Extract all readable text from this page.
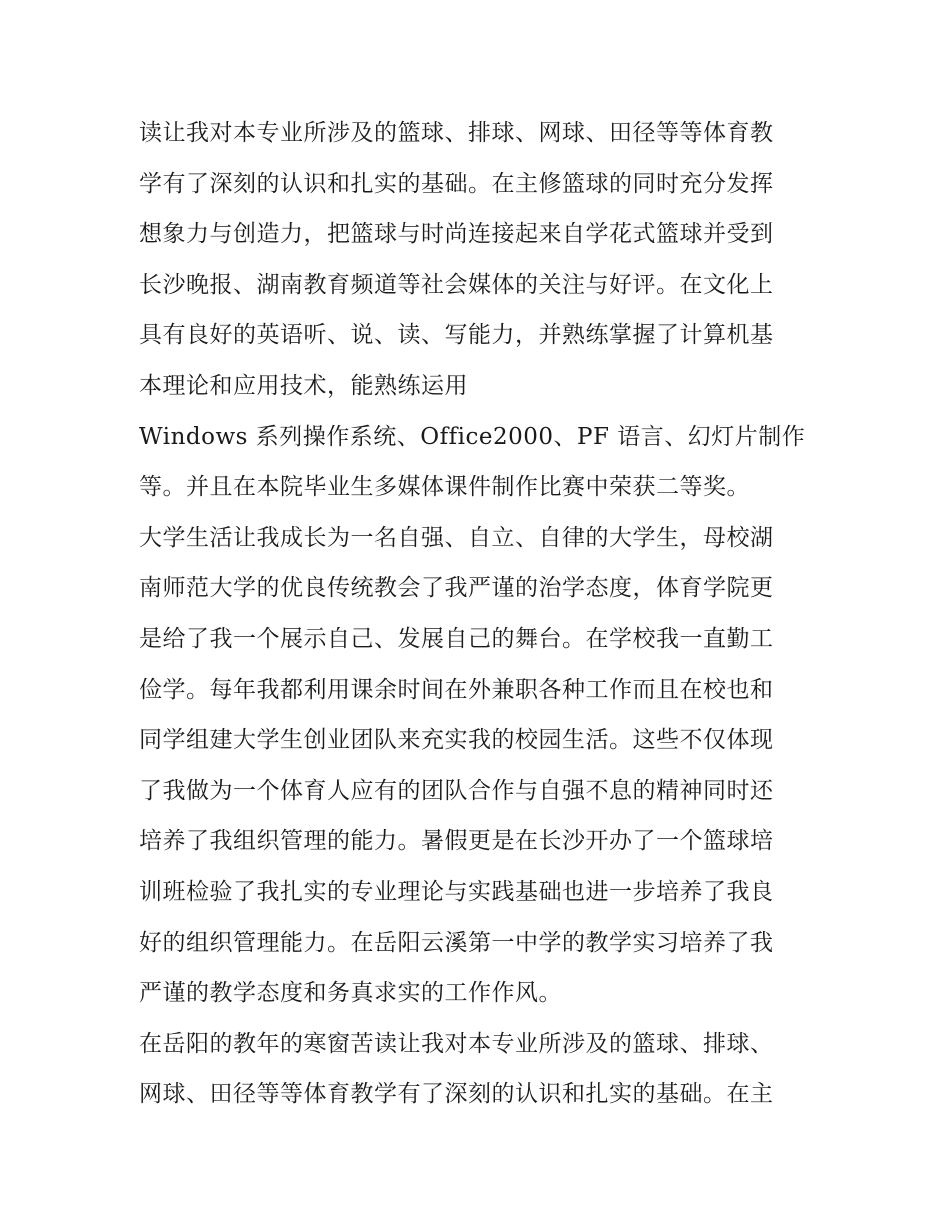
读让我对本专业所涉及的篮球、排球、网球、田径等等体育教
学有了深刻的认识和扎实的基础。在主修篮球的同时充分发挥
想象力与创造力，把篮球与时尚连接起来自学花式篮球并受到
长沙晚报、湖南教育频道等社会媒体的关注与好评。在文化上
具有良好的英语听、说、读、写能力，并熟练掌握了计算机基
本理论和应用技术，能熟练运用
Windows 系列操作系统、Office2000、PF 语言、幻灯片制作
等。并且在本院毕业生多媒体课件制作比赛中荣获二等奖。
大学生活让我成长为一名自强、自立、自律的大学生，母校湖
南师范大学的优良传统教会了我严谨的治学态度，体育学院更
是给了我一个展示自己、发展自己的舞台。在学校我一直勤工
俭学。每年我都利用课余时间在外兼职各种工作而且在校也和
同学组建大学生创业团队来充实我的校园生活。这些不仅体现
了我做为一个体育人应有的团队合作与自强不息的精神同时还
培养了我组织管理的能力。暑假更是在长沙开办了一个篮球培
训班检验了我扎实的专业理论与实践基础也进一步培养了我良
好的组织管理能力。在岳阳云溪第一中学的教学实习培养了我
严谨的教学态度和务真求实的工作作风。
在岳阳的教年的寒窗苦读让我对本专业所涉及的篮球、排球、
网球、田径等等体育教学有了深刻的认识和扎实的基础。在主
